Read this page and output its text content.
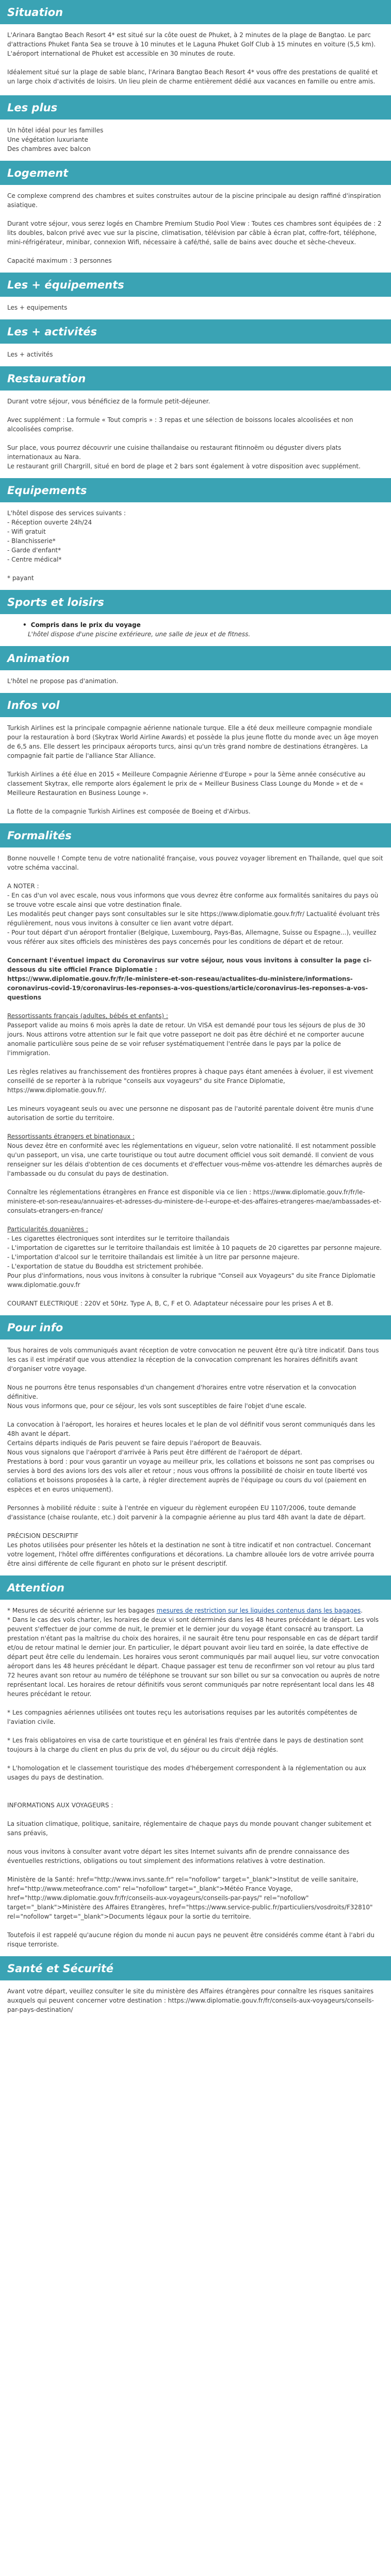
Situation

L'Arinara Bangtao Beach Resort 4* est situé sur la côte ouest de Phuket, à 2 minutes de la plage de Bangtao. Le parc d'attractions Phuket Fanta Sea se trouve à 10 minutes et le Laguna Phuket Golf Club à 15 minutes en voiture (5,5 km). L'aéroport international de Phuket est accessible en 30 minutes de route.

Idéalement situé sur la plage de sable blanc, l'Arinara Bangtao Beach Resort 4* vous offre des prestations de qualité et un large choix d'activités de loisirs. Un lieu plein de charme entièrement dédié aux vacances en famille ou entre amis.

Les plus

Un hôtel idéal pour les familles

Une végétation luxuriante

Des chambres avec balcon

Logement

Ce complexe comprend des chambres et suites construites autour de la piscine principale au design raffiné d'inspiration asiatique.

Durant votre séjour, vous serez logés en Chambre Premium Studio Pool View : Toutes ces chambres sont équipées de : 2 lits doubles, balcon privé avec vue sur la piscine, climatisation, télévision par câble à écran plat, coffre-fort, téléphone, mini-réfrigérateur, minibar, connexion Wifi, nécessaire à café/thé, salle de bains avec douche et sèche-cheveux.

Capacité maximum : 3 personnes

Les + équipements

Les + equipements

Les + activités

Les + activités

Restauration

Durant votre séjour, vous bénéficiez de la formule petit-déjeuner.

Avec supplément : La formule « Tout compris » : 3 repas et une sélection de boissons locales alcoolisées et non alcoolisées comprise.

Sur place, vous pourrez découvrir une cuisine thaïlandaise ou restaurant fitinnoëm ou déguster divers plats internationaux au Nara.

Le restaurant grill Chargrill, situé en bord de plage et 2 bars sont également à votre disposition avec supplément.

Equipements

L'hôtel dispose des services suivants :

- Réception ouverte 24h/24

- Wifi gratuit

- Blanchisserie*

- Garde d'enfant*

- Centre médical*

* payant

Sports et loisirs
• Compris dans le prix du voyage
L'hôtel dispose d'une piscine extérieure, une salle de jeux et de fitness.
Animation

L'hôtel ne propose pas d'animation.

Infos vol

Turkish Airlines est la principale compagnie aérienne nationale turque. Elle a été deux meilleure compagnie mondiale pour la restauration à bord (Skytrax World Airline Awards) et possède la plus jeune flotte du monde avec un âge moyen de 6,5 ans. Elle dessert les principaux aéroports turcs, ainsi qu'un très grand nombre de destinations étrangères. La compagnie fait partie de l'alliance Star Alliance.

Turkish Airlines a été élue en 2015 « Meilleure Compagnie Aérienne d'Europe » pour la 5ème année consécutive au classement Skytrax, elle remporte alors également le prix de « Meilleur Business Class Lounge du Monde » et de « Meilleure Restauration en Business Lounge ».

La flotte de la compagnie Turkish Airlines est composée de Boeing et d'Airbus.

Formalités

Bonne nouvelle ! Compte tenu de votre nationalité française, vous pouvez voyager librement en Thaïlande, quel que soit votre schéma vaccinal.

A NOTER :

- En cas d'un vol avec escale, nous vous informons que vous devrez être conforme aux formalités sanitaires du pays où se trouve votre escale ainsi que votre destination finale.

Les modalités peut changer pays sont consultables sur le site https://www.diplomatie.gouv.fr/fr/ Lactualité évoluant très régulièrement, nous vous invitons à consulter ce lien avant votre départ.

- Pour tout départ d'un aéroport frontalier (Belgique, Luxembourg, Pays-Bas, Allemagne, Suisse ou Espagne...), veuillez vous référer aux sites officiels des ministères des pays concernés pour les conditions de départ et de retour.

Concernant l'éventuel impact du Coronavirus sur votre séjour, nous vous invitons à consulter la page ci-dessous du site officiel France Diplomatie :

https://www.diplomatie.gouv.fr/fr/le-ministere-et-son-reseau/actualites-du-ministere/informations-coronavirus-covid-19/coronavirus-les-reponses-a-vos-questions/article/coronavirus-les-reponses-a-vos-questions

Ressortissants français (adultes, bébés et enfants) :

Passeport valide au moins 6 mois après la date de retour. Un VISA est demandé pour tous les séjours de plus de 30 jours. Nous attirons votre attention sur le fait que votre passeport ne doit pas être déchiré et ne comporter aucune anomalie particulière sous peine de se voir refuser systématiquement l'entrée dans le pays par la police de l'immigration.

Les règles relatives au franchissement des frontières propres à chaque pays étant amenées à évoluer, il est vivement conseillé de se reporter à la rubrique "conseils aux voyageurs" du site France Diplomatie, https://www.diplomatie.gouv.fr/.

Les mineurs voyageant seuls ou avec une personne ne disposant pas de l'autorité parentale doivent être munis d'une autorisation de sortie du territoire.

Ressortissants étrangers et binationaux :

Nous devez être en conformité avec les réglementations en vigueur, selon votre nationalité. Il est notamment possible qu'un passeport, un visa, une carte touristique ou tout autre document officiel vous soit demandé. Il convient de vous renseigner sur les délais d'obtention de ces documents et d'effectuer vous-même vos-attendre les démarches auprès de l'ambassade ou du consulat du pays de destination.

Connaître les réglementations étrangères en France est disponible via ce lien : https://www.diplomatie.gouv.fr/fr/le-ministere-et-son-reseau/annuaires-et-adresses-du-ministere-de-l-europe-et-des-affaires-etrangeres-mae/ambassades-et-consulats-etrangers-en-france/

Particularités douanières :

- Les cigarettes électroniques sont interdites sur le territoire thaïlandais

- L'importation de cigarettes sur le territoire thaïlandais est limitée à 10 paquets de 20 cigarettes par personne majeure.

- L'importation d'alcool sur le territoire thaïlandais est limitée à un litre par personne majeure.

- L'exportation de statue du Bouddha est strictement prohibée.

Pour plus d'informations, nous vous invitons à consulter la rubrique "Conseil aux Voyageurs" du site France Diplomatie www.diplomatie.gouv.fr

COURANT ELECTRIQUE : 220V et 50Hz. Type A, B, C, F et O. Adaptateur nécessaire pour les prises A et B.

Pour info

Tous horaires de vols communiqués avant réception de votre convocation ne peuvent être qu'à titre indicatif. Dans tous les cas il est impératif que vous attendiez la réception de la convocation comprenant les horaires définitifs avant d'organiser votre voyage.

Nous ne pourrons être tenus responsables d'un changement d'horaires entre votre réservation et la convocation définitive.

Nous vous informons que, pour ce séjour, les vols sont susceptibles de faire l'objet d'une escale.

La convocation à l'aéroport, les horaires et heures locales et le plan de vol définitif vous seront communiqués dans les 48h avant le départ.

Certains départs indiqués de Paris peuvent se faire depuis l'aéroport de Beauvais.

Nous vous signalons que l'aéroport d'arrivée à Paris peut être différent de l'aéroport de départ.

Prestations à bord : pour vous garantir un voyage au meilleur prix, les collations et boissons ne sont pas comprises ou servies à bord des avions lors des vols aller et retour ; nous vous offrons la possibilité de choisir en toute liberté vos collations et boissons proposées à la carte, à régler directement auprès de l'équipage ou cours du vol (paiement en espèces et en euros uniquement).

Personnes à mobilité réduite : suite à l'entrée en vigueur du règlement européen EU 1107/2006, toute demande d'assistance (chaise roulante, etc.) doit parvenir à la compagnie aérienne au plus tard 48h avant la date de départ.

PRÉCISION DESCRIPTIF

Les photos utilisées pour présenter les hôtels et la destination ne sont à titre indicatif et non contractuel. Concernant votre logement, l'hôtel offre différentes configurations et décorations. La chambre allouée lors de votre arrivée pourra être ainsi différente de celle figurant en photo sur le présent descriptif.

Attention

* Mesures de sécurité aérienne sur les bagages mesures de restriction sur les liquides contenus dans les bagages.

* Dans le cas des vols charter, les horaires de deux vi sont déterminés dans les 48 heures précédant le départ. Les vols peuvent s'effectuer de jour comme de nuit, le premier et le dernier jour du voyage étant consacré au transport. La prestation n'étant pas la maîtrise du choix des horaires, il ne saurait être tenu pour responsable en cas de départ tardif et/ou de retour matinal le dernier jour. En particulier, le départ pouvant avoir lieu tard en soirée, la date effective de départ peut être celle du lendemain. Les horaires vous seront communiqués par mail auquel lieu, sur votre convocation aéroport dans les 48 heures précédant le départ. Chaque passager est tenu de reconfirmer son vol retour au plus tard 72 heures avant son retour au numéro de téléphone se trouvant sur son billet ou sur sa convocation ou auprès de notre représentant local. Les horaires de retour définitifs vous seront communiqués par notre représentant local dans les 48 heures précédant le retour.

* Les compagnies aériennes utilisées ont toutes reçu les autorisations requises par les autorités compétentes de l'aviation civile.

* Les frais obligatoires en visa de carte touristique et en général les frais d'entrée dans le pays de destination sont toujours à la charge du client en plus du prix de vol, du séjour ou du circuit déjà réglés.

* L'homologation et le classement touristique des modes d'hébergement correspondent à la réglementation ou aux usages du pays de destination.

INFORMATIONS AUX VOYAGEURS :

La situation climatique, politique, sanitaire, réglementaire de chaque pays du monde pouvant changer subitement et sans préavis,

nous vous invitons à consulter avant votre départ les sites Internet suivants afin de prendre connaissance des éventuelles restrictions, obligations ou tout simplement des informations relatives à votre destination.

Ministère de la Santé: href="http://www.invs.sante.fr" rel="nofollow" target="_blank">Institut de veille sanitaire, href="http://www.meteofrance.com" rel="nofollow" target="_blank">Météo France Voyage, href="http://www.diplomatie.gouv.fr/fr/conseils-aux-voyageurs/conseils-par-pays/" rel="nofollow" target="_blank">Ministère des Affaires Etrangères, href="https://www.service-public.fr/particuliers/vosdroits/F32810" rel="nofollow" target="_blank">Documents légaux pour la sortie du territoire.

Toutefois il est rappelé qu'aucune région du monde ni aucun pays ne peuvent être considérés comme étant à l'abri du risque terroriste.

Santé et Sécurité

Avant votre départ, veuillez consulter le site du ministère des Affaires étrangères pour connaître les risques sanitaires auxquels qui peuvent concerner votre destination : https://www.diplomatie.gouv.fr/fr/conseils-aux-voyageurs/conseils-par-pays-destination/
